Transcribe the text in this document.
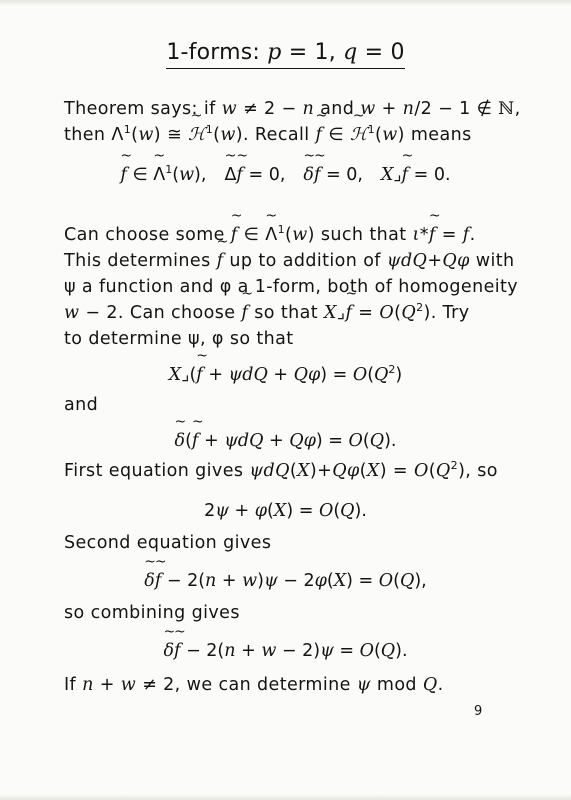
1-forms: p = 1, q = 0
Theorem says: if w ≠ 2 − n and w + n/2 − 1 ∉ ℕ,
then $\Lambda^1(w)$ ≅ ~ ℋ$^1$(w). Recall ~ f ∈ ~ ℋ$^1$(w) means
~ f ∈ ~ $\Lambda^1(w),\sim$ Δ~ f = 0,~ δ~ f = 0, X⌟~ f = 0.
Can choose some ~ f ∈ ~ $\Lambda^1(w)$ such that ι*~ f = f.
This determines ~ f up to addition of ψdQ+Qφ with
ψ a function and φ a 1-form, both of homogeneity
w − 2. Can choose ~ f so that X⌟~ $f = O(Q^2)$. Try
to determine ψ, φ so that
X⌟(~ $f + \psi dQ + Q\varphi) = O(Q^2)$
and
~ δ(~ f + ψdQ + Qφ) = O(Q).
First equation gives $\psi dQ(X)+Q\varphi(X) = O(Q^2)$, so
2ψ + φ(X) = O(Q).
Second equation gives
~ δ~ f − 2(n + w)ψ − 2φ(X) = O(Q),
so combining gives
~ δ~ f − 2(n + w − 2)ψ = O(Q).
If n + w ≠ 2, we can determine ψ mod Q.
9
